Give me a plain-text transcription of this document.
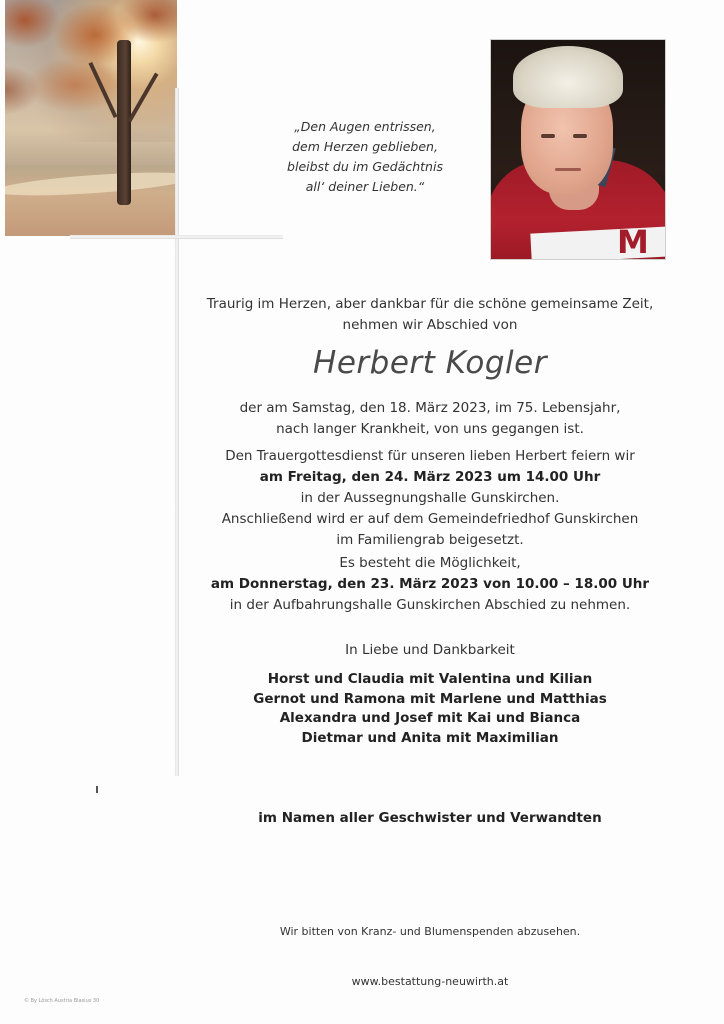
„Den Augen entrissen,
dem Herzen geblieben,
bleibst du im Gedächtnis
all‘ deiner Lieben.“
M
Traurig im Herzen, aber dankbar für die schöne gemeinsame Zeit,
nehmen wir Abschied von
Herbert Kogler
der am Samstag, den 18. März 2023, im 75. Lebensjahr,
nach langer Krankheit, von uns gegangen ist.
Den Trauergottesdienst für unseren lieben Herbert feiern wir
am Freitag, den 24. März 2023 um 14.00 Uhr
in der Aussegnungshalle Gunskirchen.
Anschließend wird er auf dem Gemeindefriedhof Gunskirchen
im Familiengrab beigesetzt.
Es besteht die Möglichkeit,
am Donnerstag, den 23. März 2023 von 10.00 – 18.00 Uhr
in der Aufbahrungshalle Gunskirchen Abschied zu nehmen.
In Liebe und Dankbarkeit
Horst und Claudia mit Valentina und Kilian
Gernot und Ramona mit Marlene und Matthias
Alexandra und Josef mit Kai und Bianca
Dietmar und Anita mit Maximilian
im Namen aller Geschwister und Verwandten
Wir bitten von Kranz- und Blumenspenden abzusehen.
www.bestattung-neuwirth.at
© By Lösch Austria Blasius 30
